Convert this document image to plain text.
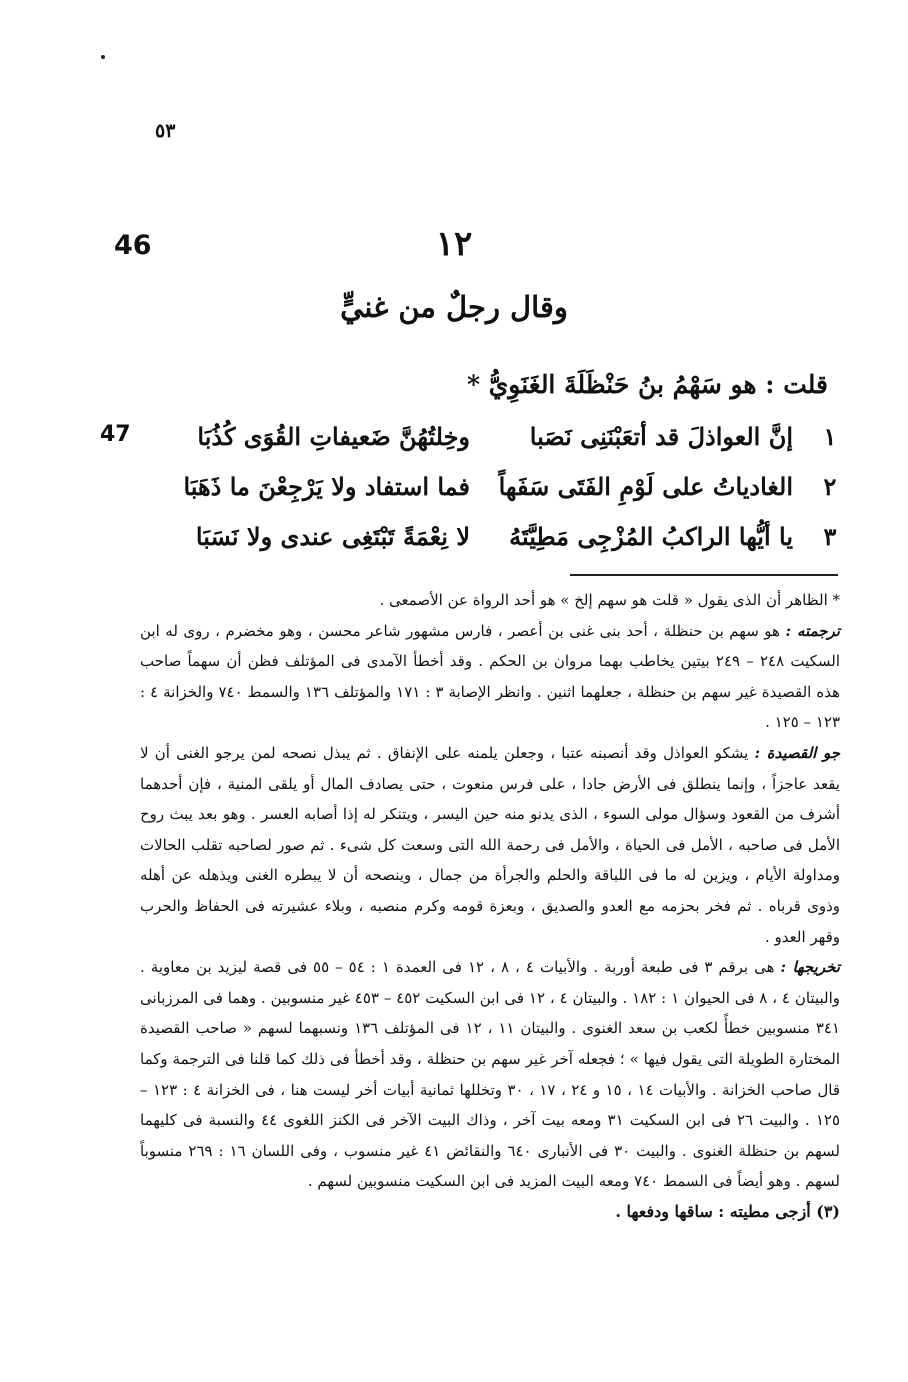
٥٣
46	١٢
وقال رجلٌ من غنيٍّ
قلت : هو سَهْمُ بنُ حَنْظَلَةَ الغَنَوِيُّ *
47	١
إنَّ العواذلَ قد أتعَبْنَنِى نَصَبا
وخِلتُهُنَّ ضَعيفاتِ القُوَى كُذُبَا
٢
الغادياتُ على لَوْمِ الفَتَى سَفَهاً
فما استفاد ولا يَرْجِعْنَ ما ذَهَبَا
٣
يا أيُّها الراكبُ المُزْجِى مَطِيَّتَهُ
لا نِعْمَةً تَبْتَغِى عندى ولا نَسَبَا

* الظاهر أن الذى يقول « قلت هو سهم إلخ » هو أحد الرواة عن الأصمعى .

ترجمته : هو سهم بن حنظلة ، أحد بنى غنى بن أعصر ، فارس مشهور شاعر محسن ، وهو مخضرم ، روى له ابن السكيت ٢٤٨ – ٢٤٩ بيتين يخاطب بهما مروان بن الحكم . وقد أخطأ الآمدى فى المؤتلف فظن أن سهماً صاحب هذه القصيدة غير سهم بن حنظلة ، جعلهما اثنين . وانظر الإصابة ٣ : ١٧١ والمؤتلف ١٣٦ والسمط ٧٤٠ والخزانة ٤ : ١٢٣ – ١٢٥ .

جو القصيدة : يشكو العواذل وقد أنصبنه عتبا ، وجعلن يلمنه على الإنفاق . ثم يبذل نصحه لمن يرجو الغنى أن لا يقعد عاجزاً ، وإنما ينطلق فى الأرض جادا ، على فرس منعوت ، حتى يصادف المال أو يلقى المنية ، فإن أحدهما أشرف من القعود وسؤال مولى السوء ، الذى يدنو منه حين اليسر ، ويتنكر له إذا أصابه العسر . وهو بعد يبث روح الأمل فى صاحبه ، الأمل فى الحياة ، والأمل فى رحمة الله التى وسعت كل شىء . ثم صور لصاحبه تقلب الحالات ومداولة الأيام ، ويزين له ما فى اللباقة والحلم والجرأة من جمال ، وينصحه أن لا يبطره الغنى ويذهله عن أهله وذوى قرباه . ثم فخر بحزمه مع العدو والصديق ، وبعزة قومه وكرم منصبه ، وبلاء عشيرته فى الحفاظ والحرب وقهر العدو .

تخريجها : هى برقم ٣ فى طبعة أوربة . والأبيات ٤ ، ٨ ، ١٢ فى العمدة ١ : ٥٤ – ٥٥ فى قصة ليزيد بن معاوية . والبيتان ٤ ، ٨ فى الحيوان ١ : ١٨٢ . والبيتان ٤ ، ١٢ فى ابن السكيت ٤٥٢ – ٤٥٣ غير منسوبين . وهما فى المرزبانى ٣٤١ منسوبين خطأً لكعب بن سعد الغنوى . والبيتان ١١ ، ١٢ فى المؤتلف ١٣٦ ونسبهما لسهم « صاحب القصيدة المختارة الطويلة التى يقول فيها » ؛ فجعله آخر غير سهم بن حنظلة ، وقد أخطأ فى ذلك كما قلنا فى الترجمة وكما قال صاحب الخزانة . والأبيات ١٤ ، ١٥ و ٢٤ ، ١٧ ، ٣٠ وتخللها ثمانية أبيات أخر ليست هنا ، فى الخزانة ٤ : ١٢٣ – ١٢٥ . والبيت ٢٦ فى ابن السكيت ٣١ ومعه بيت آخر ، وذاك البيت الآخر فى الكنز اللغوى ٤٤ والنسبة فى كليهما لسهم بن حنظلة الغنوى . والبيت ٣٠ فى الأنبارى ٦٤٠ والنقائض ٤١ غير منسوب ، وفى اللسان ١٦ : ٢٦٩ منسوباً لسهم . وهو أيضاً فى السمط ٧٤٠ ومعه البيت المزيد فى ابن السكيت منسوبين لسهم .

(٣) أزجى مطيته : ساقها ودفعها .
